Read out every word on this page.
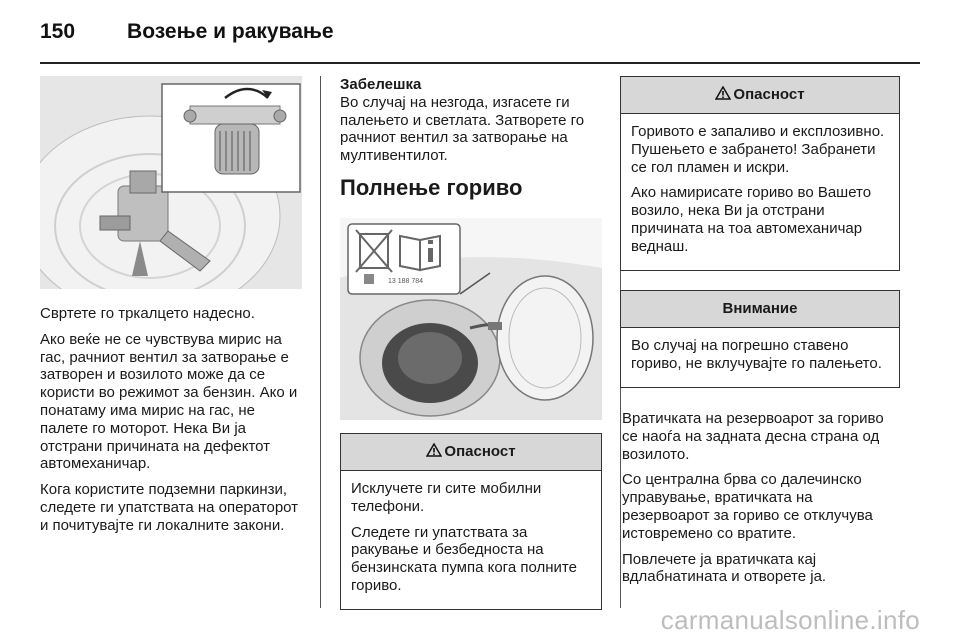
150 Возење и ракување

Свртете го тркалцето надесно.

Ако веќе не се чувствува мирис на гас, рачниот вентил за затворање е затворен и возилото може да се користи во режимот за бензин. Ако и понатаму има мирис на гас, не палете го моторот. Нека Ви ја отстрани причината на дефектот автомеханичар.

Кога користите подземни паркинзи, следете ги упатствата на операторот и почитувајте ги локалните закони.

Забелешка

Во случај на незгода, изгасете ги палењето и светлата. Затворете го рачниот вентил за затворање на мултивентилот.

Полнење гориво
13 188 784
Опасност

Исклучете ги сите мобилни телефони.

Следете ги упатствата за ракување и безбедноста на бензинската пумпа кога полните гориво.

Опасност

Горивото е запаливо и експлозивно. Пушењето е забрането! Забранети се гол пламен и искри.

Ако намирисате гориво во Вашето возило, нека Ви ја отстрани причината на тоа автомеханичар веднаш.

Внимание

Во случај на погрешно ставено гориво, не вклучувајте го палењето.

Вратичката на резервоарот за гориво се наоѓа на задната десна страна од возилото.

Со централна брва со далечинско управување, вратичката на резервоарот за гориво се отклучува истовремено со вратите.

Повлечете ја вратичката кај вдлабнатината и отворете ја.

carmanualsonline.info
